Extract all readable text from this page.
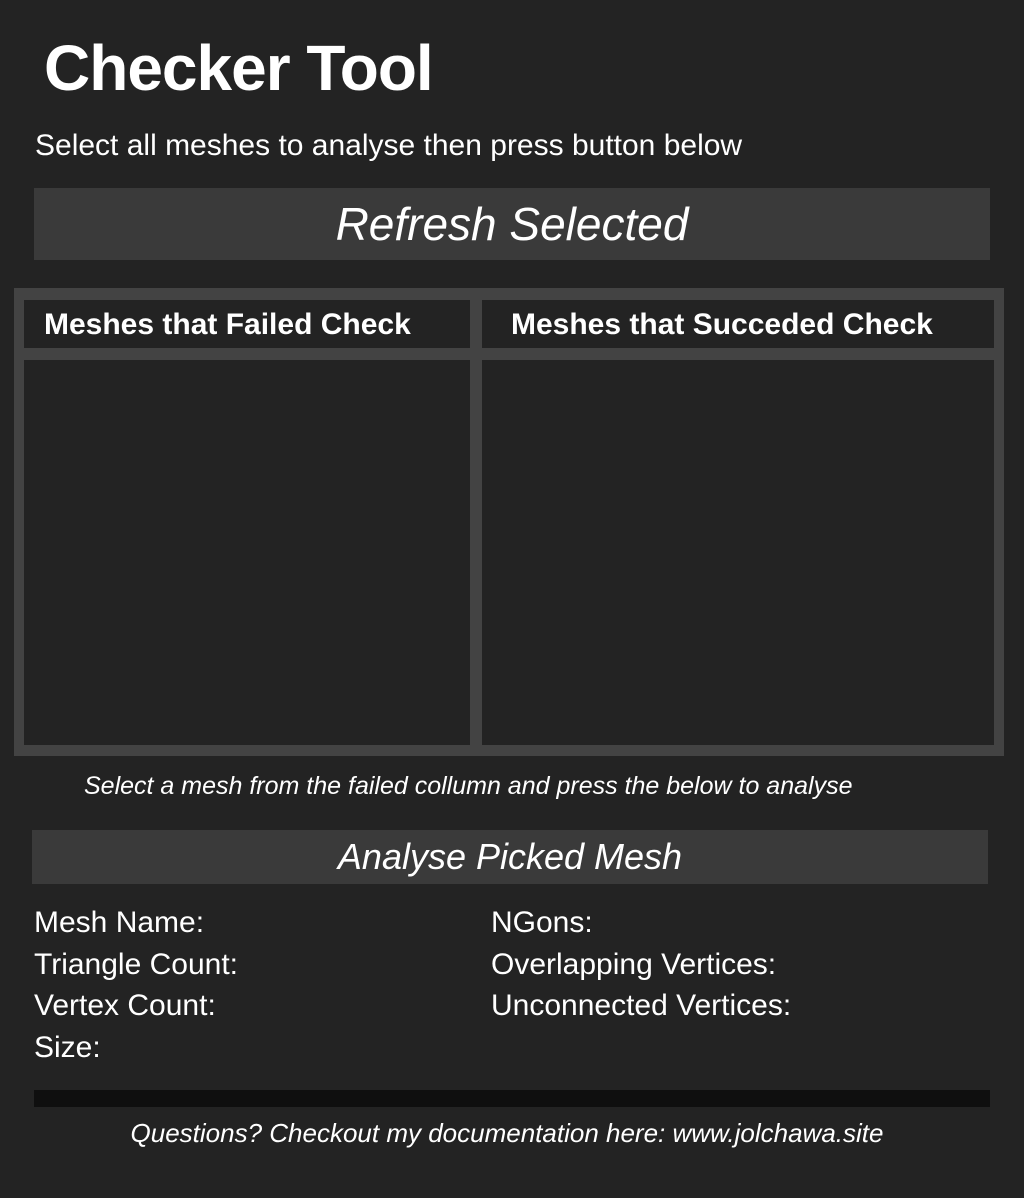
Checker Tool
Select all meshes to analyse then press button below
Refresh Selected
Meshes that Failed Check	Meshes that Succeded Check
Select a mesh from the failed collumn and press the below to analyse
Analyse Picked Mesh
Mesh Name:
Triangle Count:
Vertex Count:
Size:
NGons:
Overlapping Vertices:
Unconnected Vertices:
Questions? Checkout my documentation here: www.jolchawa.site
